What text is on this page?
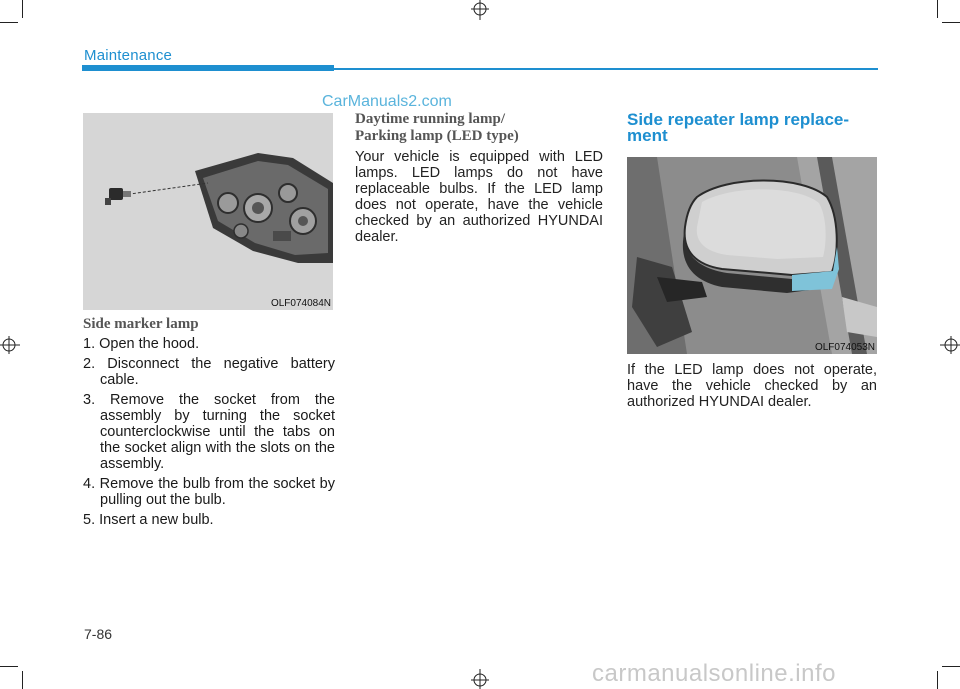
Maintenance
CarManuals2.com
OLF074084N
Side marker lamp
1. Open the hood.
2. Disconnect the negative battery cable.
3. Remove the socket from the assembly by turning the socket counterclockwise until the tabs on the socket align with the slots on the assembly.
4. Remove the bulb from the socket by pulling out the bulb.
5. Insert a new bulb.
Daytime running lamp/
Parking lamp (LED type)
Your vehicle is equipped with LED lamps. LED lamps do not have replaceable bulbs. If the LED lamp does not operate, have the vehicle checked by an authorized HYUNDAI dealer.
Side repeater lamp replace-
ment
OLF074053N
If the LED lamp does not operate, have the vehicle checked by an authorized HYUNDAI dealer.
7-86
carmanualsonline.info
